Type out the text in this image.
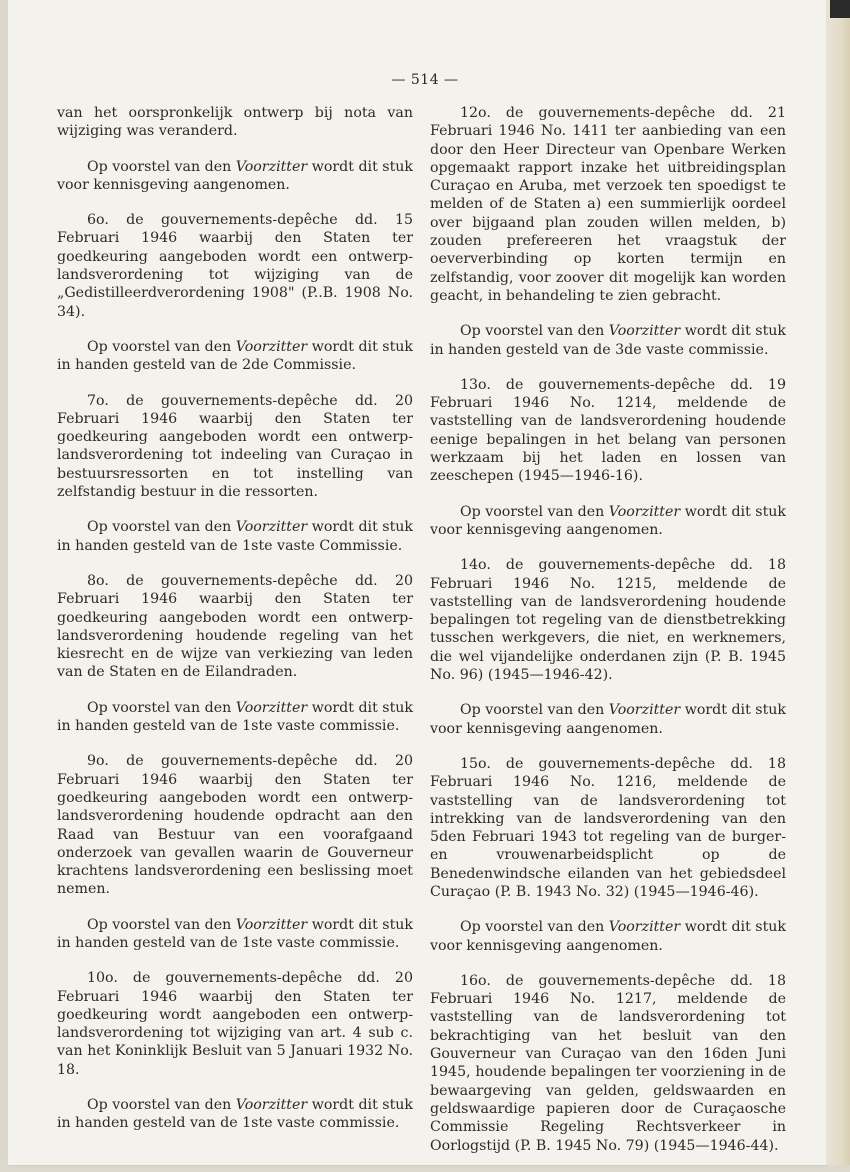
— 514 —

van het oorspronkelijk ontwerp bij nota van wijziging was veranderd.

Op voorstel van den Voorzitter wordt dit stuk voor kennisgeving aangenomen.

6o. de gouvernements-depêche dd. 15 Februari 1946 waarbij den Staten ter goedkeuring aangeboden wordt een ontwerp-landsverordening tot wijziging van de „Gedistilleerdverordening 1908" (P..B. 1908 No. 34).

Op voorstel van den Voorzitter wordt dit stuk in handen gesteld van de 2de Commissie.

7o. de gouvernements-depêche dd. 20 Februari 1946 waarbij den Staten ter goedkeuring aangeboden wordt een ontwerp-landsverordening tot indeeling van Curaçao in bestuursressorten en tot instelling van zelfstandig bestuur in die ressorten.

Op voorstel van den Voorzitter wordt dit stuk in handen gesteld van de 1ste vaste Commissie.

8o. de gouvernements-depêche dd. 20 Februari 1946 waarbij den Staten ter goedkeuring aangeboden wordt een ontwerp-landsverordening houdende regeling van het kiesrecht en de wijze van verkiezing van leden van de Staten en de Eilandraden.

Op voorstel van den Voorzitter wordt dit stuk in handen gesteld van de 1ste vaste commissie.

9o. de gouvernements-depêche dd. 20 Februari 1946 waarbij den Staten ter goedkeuring aangeboden wordt een ontwerp-landsverordening houdende opdracht aan den Raad van Bestuur van een voorafgaand onderzoek van gevallen waarin de Gouverneur krachtens landsverordening een beslissing moet nemen.

Op voorstel van den Voorzitter wordt dit stuk in handen gesteld van de 1ste vaste commissie.

10o. de gouvernements-depêche dd. 20 Februari 1946 waarbij den Staten ter goedkeuring wordt aangeboden een ontwerp-landsverordening tot wijziging van art. 4 sub c. van het Koninklijk Besluit van 5 Januari 1932 No. 18.

Op voorstel van den Voorzitter wordt dit stuk in handen gesteld van de 1ste vaste commissie.

12o. de gouvernements-depêche dd. 21 Februari 1946 No. 1411 ter aanbieding van een door den Heer Directeur van Openbare Werken opgemaakt rapport inzake het uitbreidingsplan Curaçao en Aruba, met verzoek ten spoedigst te melden of de Staten a) een summierlijk oordeel over bijgaand plan zouden willen melden, b) zouden prefereeren het vraagstuk der oeververbinding op korten termijn en zelfstandig, voor zoover dit mogelijk kan worden geacht, in behandeling te zien gebracht.

Op voorstel van den Voorzitter wordt dit stuk in handen gesteld van de 3de vaste commissie.

13o. de gouvernements-depêche dd. 19 Februari 1946 No. 1214, meldende de vaststelling van de landsverordening houdende eenige bepalingen in het belang van personen werkzaam bij het laden en lossen van zeeschepen (1945—1946-16).

Op voorstel van den Voorzitter wordt dit stuk voor kennisgeving aangenomen.

14o. de gouvernements-depêche dd. 18 Februari 1946 No. 1215, meldende de vaststelling van de landsverordening houdende bepalingen tot regeling van de dienstbetrekking tusschen werkgevers, die niet, en werknemers, die wel vijandelijke onderdanen zijn (P. B. 1945 No. 96) (1945—1946-42).

Op voorstel van den Voorzitter wordt dit stuk voor kennisgeving aangenomen.

15o. de gouvernements-depêche dd. 18 Februari 1946 No. 1216, meldende de vaststelling van de landsverordening tot intrekking van de landsverordening van den 5den Februari 1943 tot regeling van de burger- en vrouwenarbeidsplicht op de Benedenwindsche eilanden van het gebiedsdeel Curaçao (P. B. 1943 No. 32) (1945—1946-46).

Op voorstel van den Voorzitter wordt dit stuk voor kennisgeving aangenomen.

16o. de gouvernements-depêche dd. 18 Februari 1946 No. 1217, meldende de vaststelling van de landsverordening tot bekrachtiging van het besluit van den Gouverneur van Curaçao van den 16den Juni 1945, houdende bepalingen ter voorziening in de bewaargeving van gelden, geldswaarden en geldswaardige papieren door de Curaçaosche Commissie Regeling Rechtsverkeer in Oorlogstijd (P. B. 1945 No. 79) (1945—1946-44).
